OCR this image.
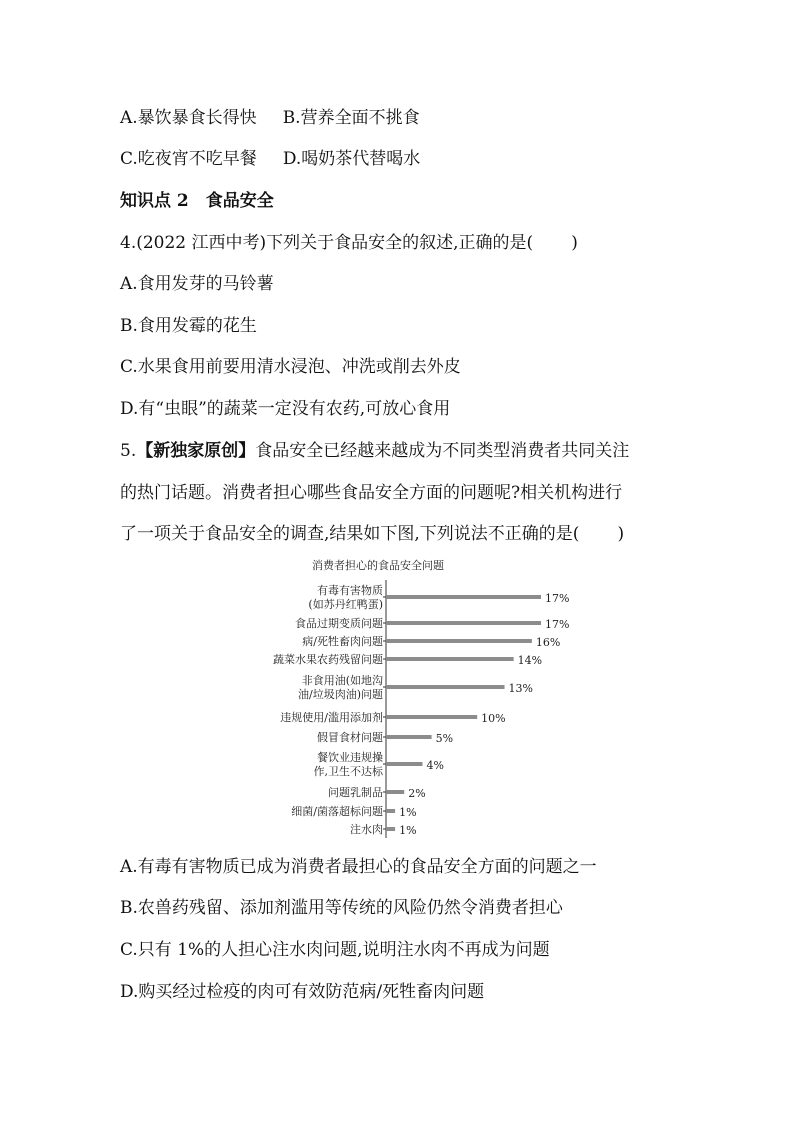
A.暴饮暴食长得快 B.营养全面不挑食
C.吃夜宵不吃早餐 D.喝奶茶代替喝水
知识点 2　食品安全
4.(2022 江西中考)下列关于食品安全的叙述,正确的是( )
A.食用发芽的马铃薯
B.食用发霉的花生
C.水果食用前要用清水浸泡、冲洗或削去外皮
D.有“虫眼”的蔬菜一定没有农药,可放心食用
5.【新独家原创】食品安全已经越来越成为不同类型消费者共同关注
的热门话题。消费者担心哪些食品安全方面的问题呢?相关机构进行
了一项关于食品安全的调查,结果如下图,下列说法不正确的是( )
消费者担心的食品安全问题
有毒有害物质
(如苏丹红鸭蛋)	17%
食品过期变质问题	17%
病/死牲畜肉问题	16%
蔬菜水果农药残留问题	14%
非食用油(如地沟
油/垃圾肉油)问题	13%
违规使用/滥用添加剂	10%
假冒食材问题	5%
餐饮业违规操
作,卫生不达标	4%
问题乳制品 2%
细菌/菌落超标问题 1%
注水肉 1%
A.有毒有害物质已成为消费者最担心的食品安全方面的问题之一
B.农兽药残留、添加剂滥用等传统的风险仍然令消费者担心
C.只有 1%的人担心注水肉问题,说明注水肉不再成为问题
D.购买经过检疫的肉可有效防范病/死牲畜肉问题
